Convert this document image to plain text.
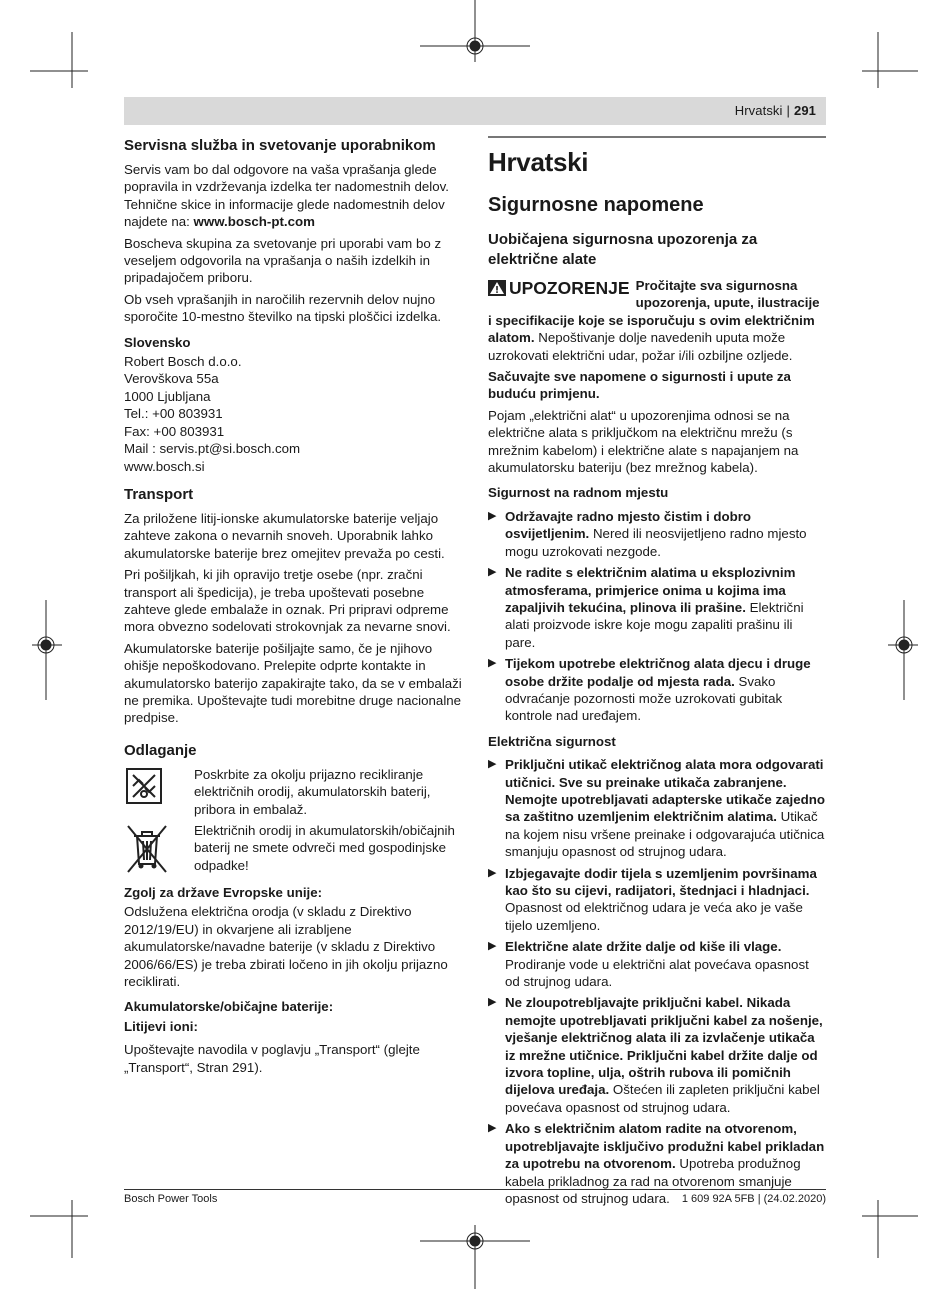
Hrvatski | 291
Servisna služba in svetovanje uporabnikom

Servis vam bo dal odgovore na vaša vprašanja glede popravila in vzdrževanja izdelka ter nadomestnih delov. Tehnične skice in informacije glede nadomestnih delov najdete na: www.bosch-pt.com

Boscheva skupina za svetovanje pri uporabi vam bo z veseljem odgovorila na vprašanja o naših izdelkih in pripadajočem priboru.

Ob vseh vprašanjih in naročilih rezervnih delov nujno sporočite 10-mestno številko na tipski ploščici izdelka.

Slovensko
Robert Bosch d.o.o.
Verovškova 55a
1000 Ljubljana
Tel.: +00 803931
Fax: +00 803931
Mail : servis.pt@si.bosch.com
www.bosch.si
Transport

Za priložene litij-ionske akumulatorske baterije veljajo zahteve zakona o nevarnih snoveh. Uporabnik lahko akumulatorske baterije brez omejitev prevaža po cesti.

Pri pošiljkah, ki jih opravijo tretje osebe (npr. zračni transport ali špedicija), je treba upoštevati posebne zahteve glede embalaže in oznak. Pri pripravi odpreme mora obvezno sodelovati strokovnjak za nevarne snovi.

Akumulatorske baterije pošiljajte samo, če je njihovo ohišje nepoškodovano. Prelepite odprte kontakte in akumulatorsko baterijo zapakirajte tako, da se v embalaži ne premika. Upoštevajte tudi morebitne druge nacionalne predpise.

Odlaganje
Poskrbite za okolju prijazno recikliranje električnih orodij, akumulatorskih baterij, pribora in embalaž.
Električnih orodij in akumulatorskih/običajnih baterij ne smete odvreči med gospodinjske odpadke!
Zgolj za države Evropske unije:

Odslužena električna orodja (v skladu z Direktivo 2012/19/EU) in okvarjene ali izrabljene akumulatorske/navadne baterije (v skladu z Direktivo 2006/66/ES) je treba zbirati ločeno in jih okolju prijazno reciklirati.

Akumulatorske/običajne baterije:
Litijevi ioni:

Upoštevajte navodila v poglavju „Transport“ (glejte „Transport“, Stran 291).

Hrvatski
Sigurnosne napomene
Uobičajena sigurnosna upozorenja za električne alate
UPOZORENJE Pročitajte sva sigurnosna upozorenja, upute, ilustracije i specifikacije koje se isporučuju s ovim električnim alatom. Nepoštivanje dolje navedenih uputa može uzrokovati električni udar, požar i/ili ozbiljne ozljede.

Sačuvajte sve napomene o sigurnosti i upute za buduću primjenu.

Pojam „električni alat“ u upozorenjima odnosi se na električne alata s priključkom na električnu mrežu (s mrežnim kabelom) i električne alate s napajanjem na akumulatorsku bateriju (bez mrežnog kabela).

Sigurnost na radnom mjestu
▶ Održavajte radno mjesto čistim i dobro osvijetljenim. Nered ili neosvijetljeno radno mjesto mogu uzrokovati nezgode.
▶ Ne radite s električnim alatima u eksplozivnim atmosferama, primjerice onima u kojima ima zapaljivih tekućina, plinova ili prašine. Električni alati proizvode iskre koje mogu zapaliti prašinu ili pare.
▶ Tijekom upotrebe električnog alata djecu i druge osobe držite podalje od mjesta rada. Svako odvraćanje pozornosti može uzrokovati gubitak kontrole nad uređajem.
Električna sigurnost
▶ Priključni utikač električnog alata mora odgovarati utičnici. Sve su preinake utikača zabranjene. Nemojte upotrebljavati adapterske utikače zajedno sa zaštitno uzemljenim električnim alatima. Utikač na kojem nisu vršene preinake i odgovarajuća utičnica smanjuju opasnost od strujnog udara.
▶ Izbjegavajte dodir tijela s uzemljenim površinama kao što su cijevi, radijatori, štednjaci i hladnjaci. Opasnost od električnog udara je veća ako je vaše tijelo uzemljeno.
▶ Električne alate držite dalje od kiše ili vlage. Prodiranje vode u električni alat povećava opasnost od strujnog udara.
▶ Ne zloupotrebljavajte priključni kabel. Nikada nemojte upotrebljavati priključni kabel za nošenje, vješanje električnog alata ili za izvlačenje utikača iz mrežne utičnice. Priključni kabel držite dalje od izvora topline, ulja, oštrih rubova ili pomičnih dijelova uređaja. Oštećen ili zapleten priključni kabel povećava opasnost od strujnog udara.
▶ Ako s električnim alatom radite na otvorenom, upotrebljavajte isključivo produžni kabel prikladan za upotrebu na otvorenom. Upotreba produžnog kabela prikladnog za rad na otvorenom smanjuje opasnost od strujnog udara.
Bosch Power Tools	1 609 92A 5FB | (24.02.2020)
